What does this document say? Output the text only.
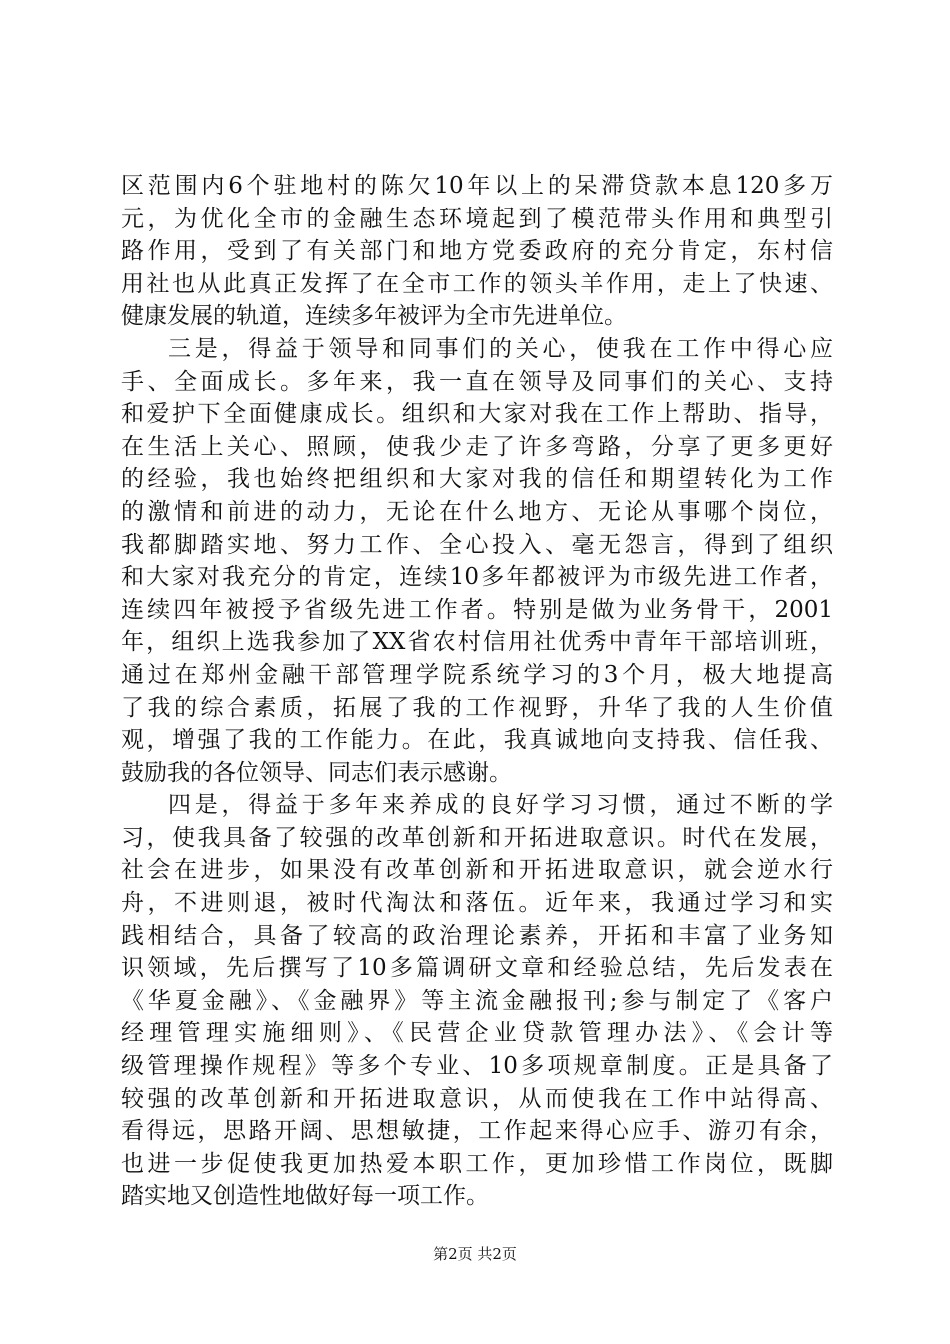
区范围内6个驻地村的陈欠10年以上的呆滞贷款本息120多万
元，为优化全市的金融生态环境起到了模范带头作用和典型引
路作用，受到了有关部门和地方党委政府的充分肯定，东村信
用社也从此真正发挥了在全市工作的领头羊作用，走上了快速、
健康发展的轨道，连续多年被评为全市先进单位。
三是，得益于领导和同事们的关心，使我在工作中得心应
手、全面成长。多年来，我一直在领导及同事们的关心、支持
和爱护下全面健康成长。组织和大家对我在工作上帮助、指导，
在生活上关心、照顾，使我少走了许多弯路，分享了更多更好
的经验，我也始终把组织和大家对我的信任和期望转化为工作
的激情和前进的动力，无论在什么地方、无论从事哪个岗位，
我都脚踏实地、努力工作、全心投入、毫无怨言，得到了组织
和大家对我充分的肯定，连续10多年都被评为市级先进工作者，
连续四年被授予省级先进工作者。特别是做为业务骨干，2001
年，组织上选我参加了XX省农村信用社优秀中青年干部培训班，
通过在郑州金融干部管理学院系统学习的3个月，极大地提高
了我的综合素质，拓展了我的工作视野，升华了我的人生价值
观，增强了我的工作能力。在此，我真诚地向支持我、信任我、
鼓励我的各位领导、同志们表示感谢。
四是，得益于多年来养成的良好学习习惯，通过不断的学
习，使我具备了较强的改革创新和开拓进取意识。时代在发展，
社会在进步，如果没有改革创新和开拓进取意识，就会逆水行
舟，不进则退，被时代淘汰和落伍。近年来，我通过学习和实
践相结合，具备了较高的政治理论素养，开拓和丰富了业务知
识领域，先后撰写了10多篇调研文章和经验总结，先后发表在
《华夏金融》、《金融界》等主流金融报刊;参与制定了《客户
经理管理实施细则》、《民营企业贷款管理办法》、《会计等
级管理操作规程》等多个专业、10多项规章制度。正是具备了
较强的改革创新和开拓进取意识，从而使我在工作中站得高、
看得远，思路开阔、思想敏捷，工作起来得心应手、游刃有余，
也进一步促使我更加热爱本职工作，更加珍惜工作岗位，既脚
踏实地又创造性地做好每一项工作。
第2页 共2页
